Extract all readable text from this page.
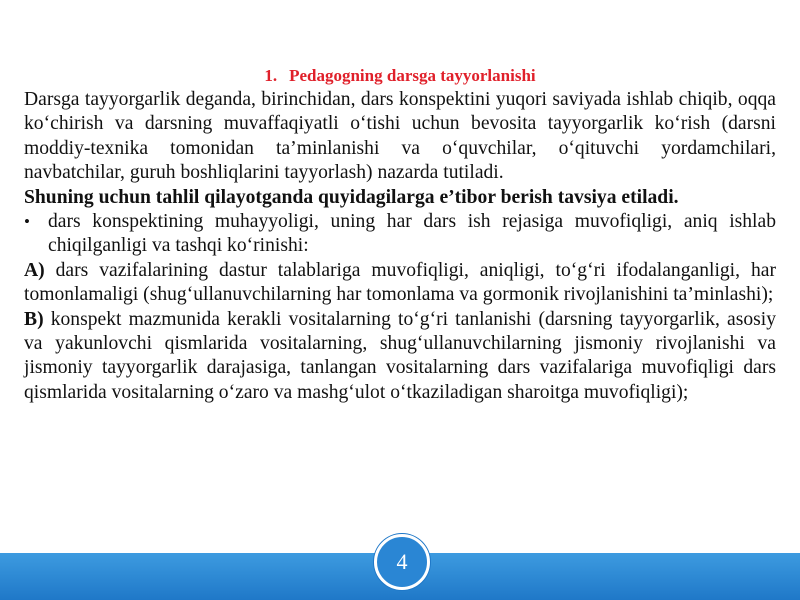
1. Pedagogning darsga tayyorlanishi

Darsga tayyorgarlik deganda, birinchidan, dars konspektini yuqori saviyada ishlab chiqib, oqqa ko‘chirish va darsning muvaffaqiyatli o‘tishi uchun bevosita tayyorgarlik ko‘rish (darsni moddiy-texnika tomonidan ta’minlanishi va o‘quvchilar, o‘qituvchi yordamchilari, navbatchilar, guruh boshliqlarini tayyorlash) nazarda tutiladi.

Shuning uchun tahlil qilayotganda quyidagilarga e’tibor berish tavsiya etiladi.

• dars konspektining muhayyoligi, uning har dars ish rejasiga muvofiqligi, aniq ishlab chiqilganligi va tashqi ko‘rinishi:

A) dars vazifalarining dastur talablariga muvofiqligi, aniqligi, to‘g‘ri ifodalanganligi, har tomonlamaligi (shug‘ullanuvchilarning har tomonlama va gormonik rivojlanishini ta’minlashi);

B) konspekt mazmunida kerakli vositalarning to‘g‘ri tanlanishi (darsning tayyorgarlik, asosiy va yakunlovchi qismlarida vositalarning, shug‘ullanuvchilarning jismoniy rivojlanishi va jismoniy tayyorgarlik darajasiga, tanlangan vositalarning dars vazifalariga muvofiqligi dars qismlarida vositalarning o‘zaro va mashg‘ulot o‘tkaziladigan sharoitga muvofiqligi);

4
